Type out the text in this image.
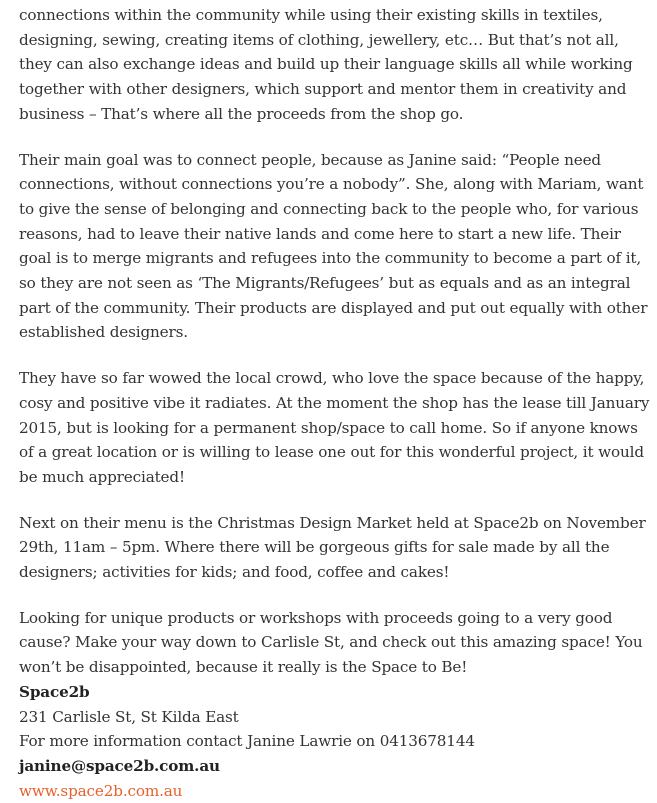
connections within the community while using their existing skills in textiles, designing, sewing, creating items of clothing, jewellery, etc… But that’s not all, they can also exchange ideas and build up their language skills all while working together with other designers, which support and mentor them in creativity and business – That’s where all the proceeds from the shop go.

Their main goal was to connect people, because as Janine said: “People need connections, without connections you’re a nobody”. She, along with Mariam, want to give the sense of belonging and connecting back to the people who, for various reasons, had to leave their native lands and come here to start a new life. Their goal is to merge migrants and refugees into the community to become a part of it, so they are not seen as ‘The Migrants/Refugees’ but as equals and as an integral part of the community. Their products are displayed and put out equally with other established designers.

They have so far wowed the local crowd, who love the space because of the happy, cosy and positive vibe it radiates. At the moment the shop has the lease till January 2015, but is looking for a permanent shop/space to call home. So if anyone knows of a great location or is willing to lease one out for this wonderful project, it would be much appreciated!

Next on their menu is the Christmas Design Market held at Space2b on November 29th, 11am – 5pm. Where there will be gorgeous gifts for sale made by all the designers; activities for kids; and food, coffee and cakes!

Looking for unique products or workshops with proceeds going to a very good cause? Make your way down to Carlisle St, and check out this amazing space! You won’t be disappointed, because it really is the Space to Be!

Space2b
231 Carlisle St, St Kilda East
For more information contact Janine Lawrie on 0413678144
janine@space2b.com.au
www.space2b.com.au
